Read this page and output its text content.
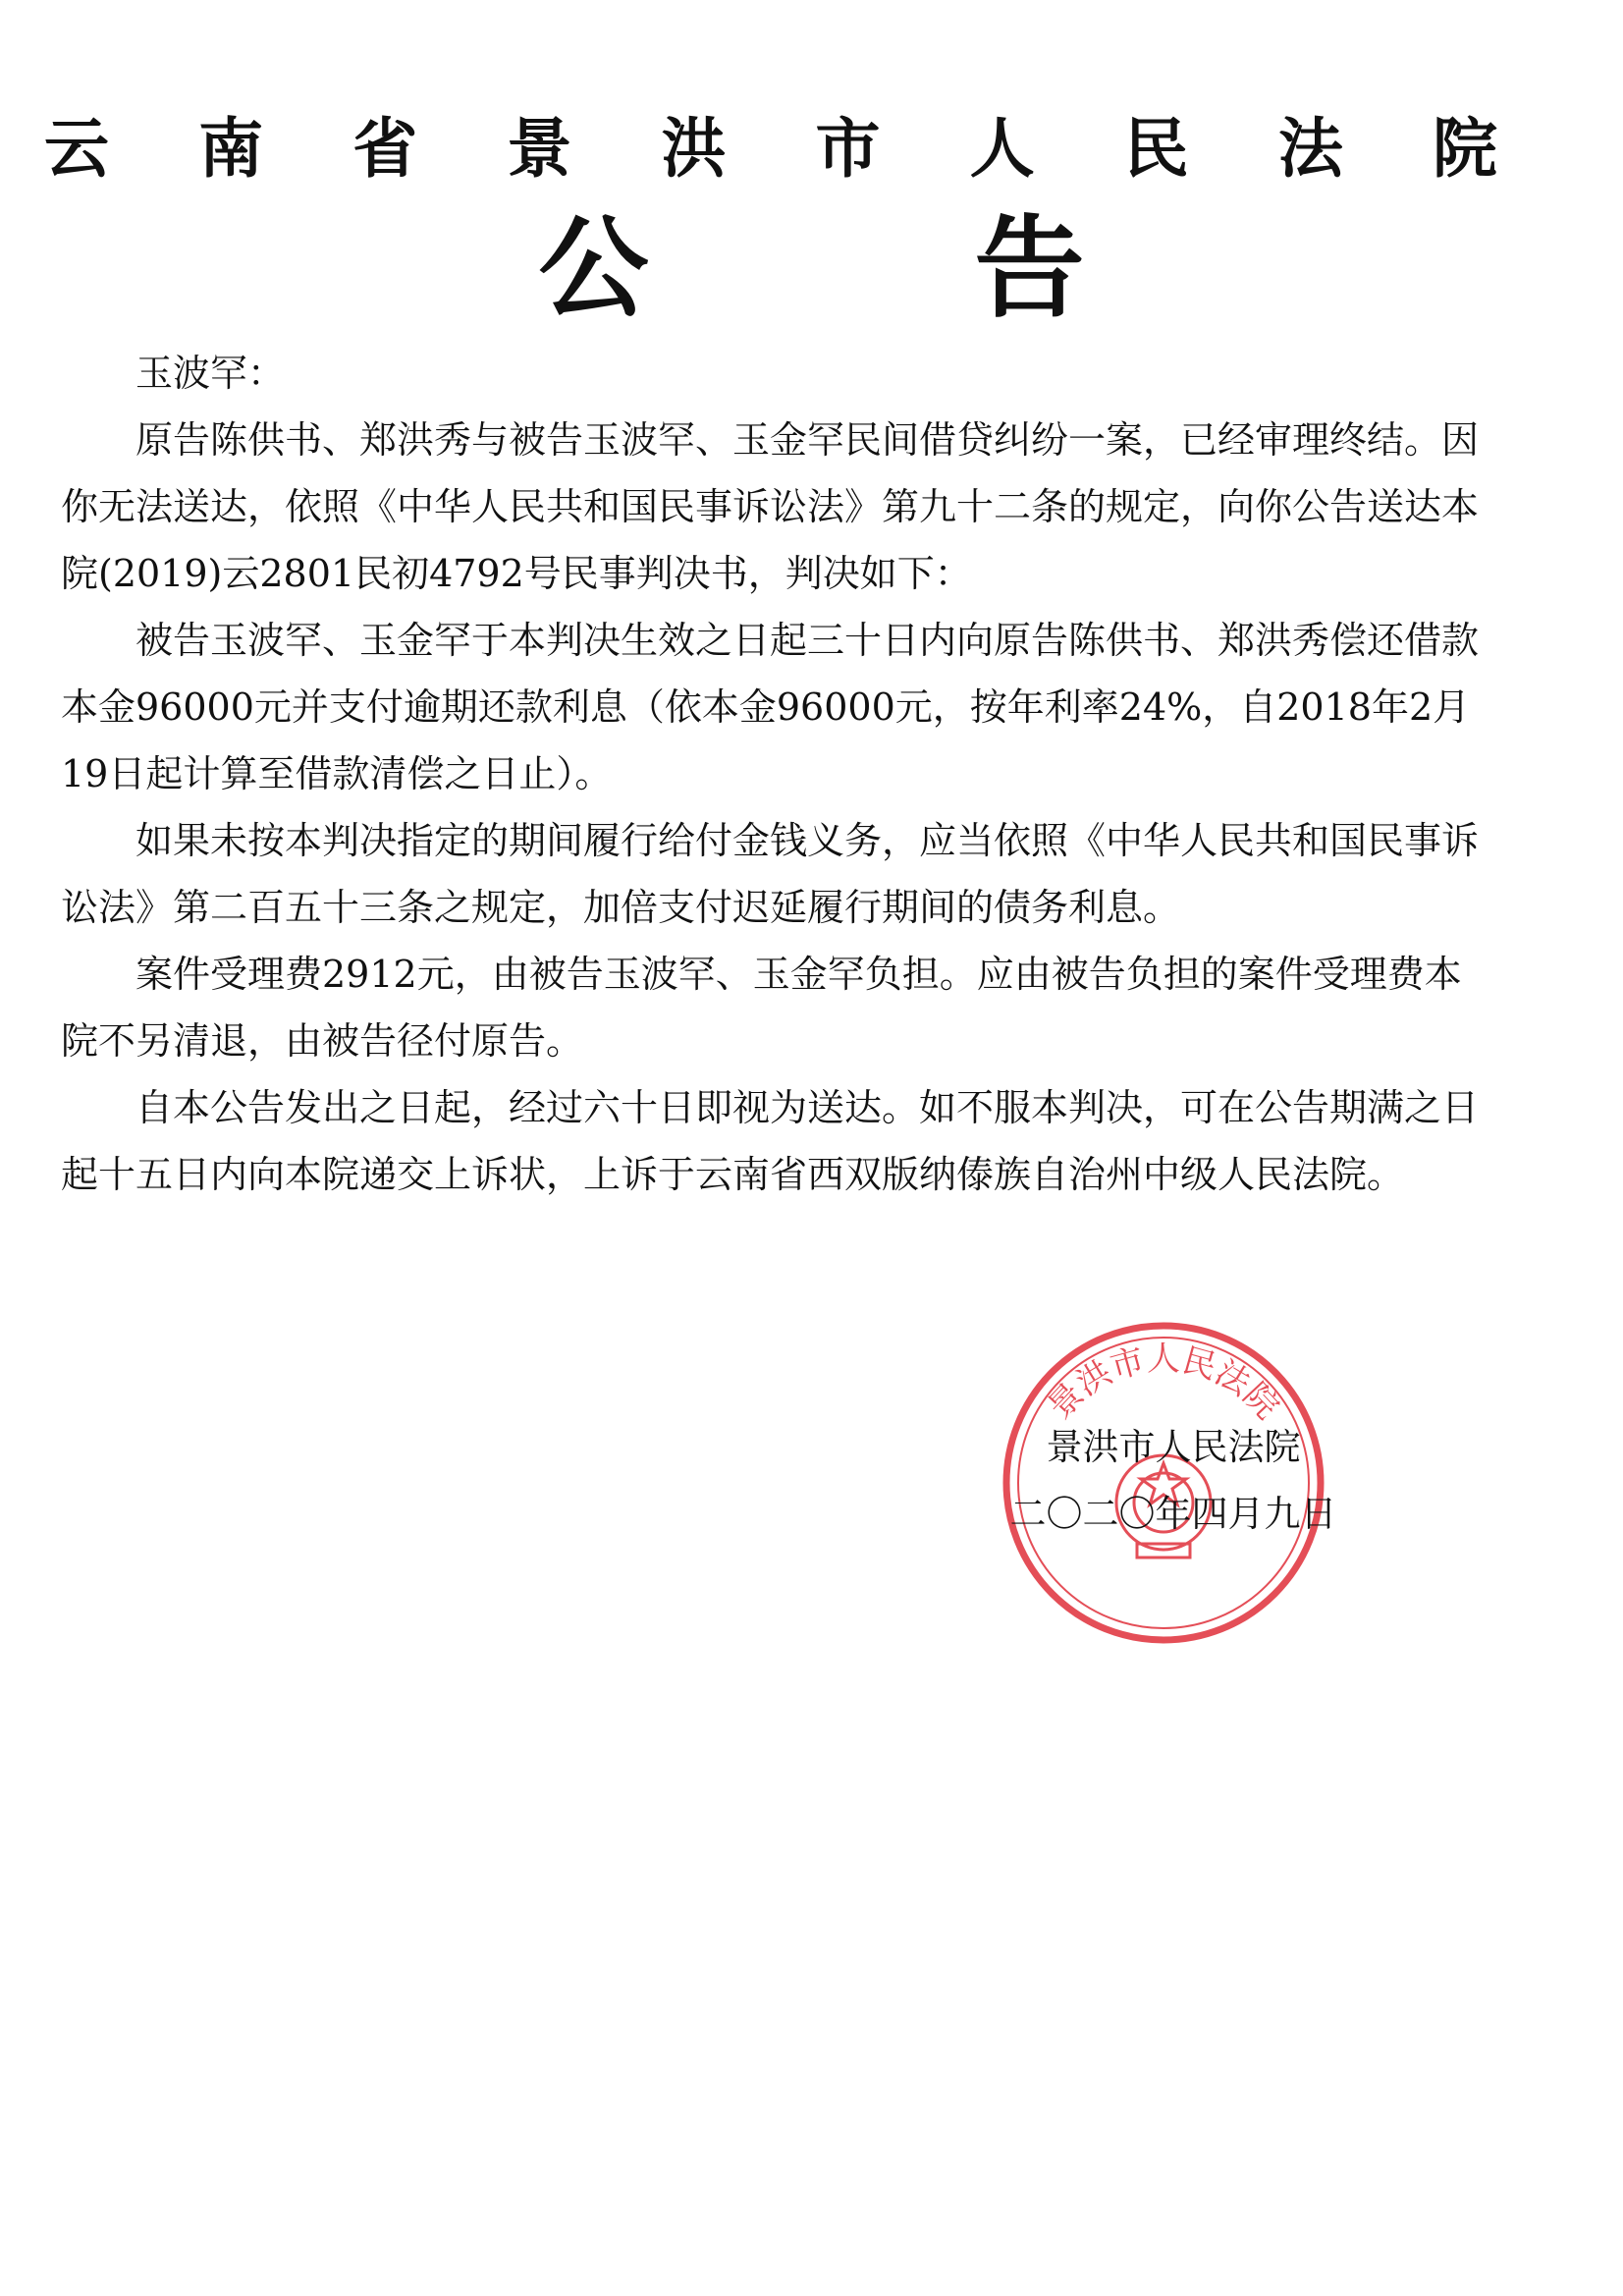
云 南 省 景 洪 市 人 民 法 院
公　告

玉波罕：

原告陈供书、郑洪秀与被告玉波罕、玉金罕民间借贷纠纷一案，已经审理终结。因你无法送达，依照《中华人民共和国民事诉讼法》第九十二条的规定，向你公告送达本院(2019)云2801民初4792号民事判决书，判决如下：

被告玉波罕、玉金罕于本判决生效之日起三十日内向原告陈供书、郑洪秀偿还借款本金96000元并支付逾期还款利息（依本金96000元，按年利率24%，自2018年2月19日起计算至借款清偿之日止）。

如果未按本判决指定的期间履行给付金钱义务，应当依照《中华人民共和国民事诉讼法》第二百五十三条之规定，加倍支付迟延履行期间的债务利息。

案件受理费2912元，由被告玉波罕、玉金罕负担。应由被告负担的案件受理费本院不另清退，由被告径付原告。

自本公告发出之日起，经过六十日即视为送达。如不服本判决，可在公告期满之日起十五日内向本院递交上诉状，上诉于云南省西双版纳傣族自治州中级人民法院。

景洪市人民法院
景洪市人民法院
二〇二〇年四月九日
